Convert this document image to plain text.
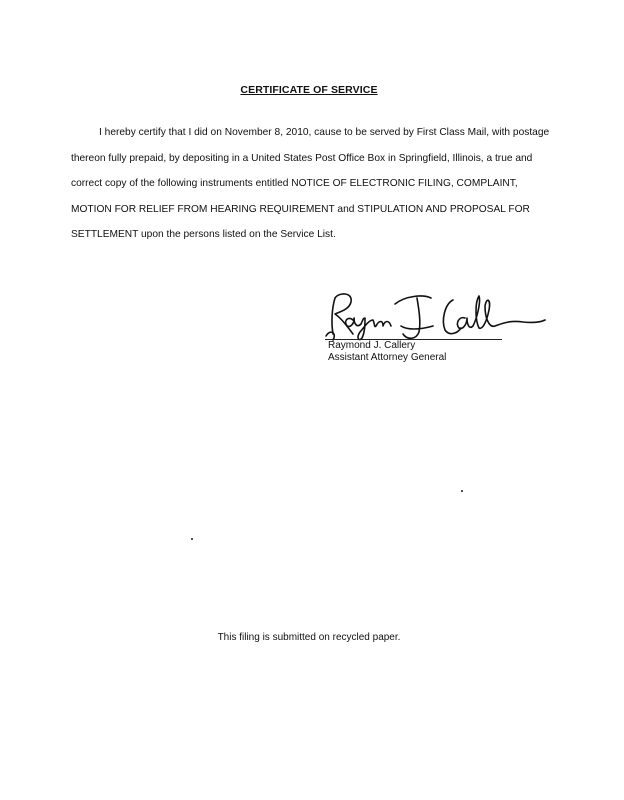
CERTIFICATE OF SERVICE

I hereby certify that I did on November 8, 2010, cause to be served by First Class Mail, with postage thereon fully prepaid, by depositing in a United States Post Office Box in Springfield, Illinois, a true and correct copy of the following instruments entitled NOTICE OF ELECTRONIC FILING, COMPLAINT, MOTION FOR RELIEF FROM HEARING REQUIREMENT and STIPULATION AND PROPOSAL FOR SETTLEMENT upon the persons listed on the Service List.

Raymond J. Callery
Assistant Attorney General
This filing is submitted on recycled paper.
